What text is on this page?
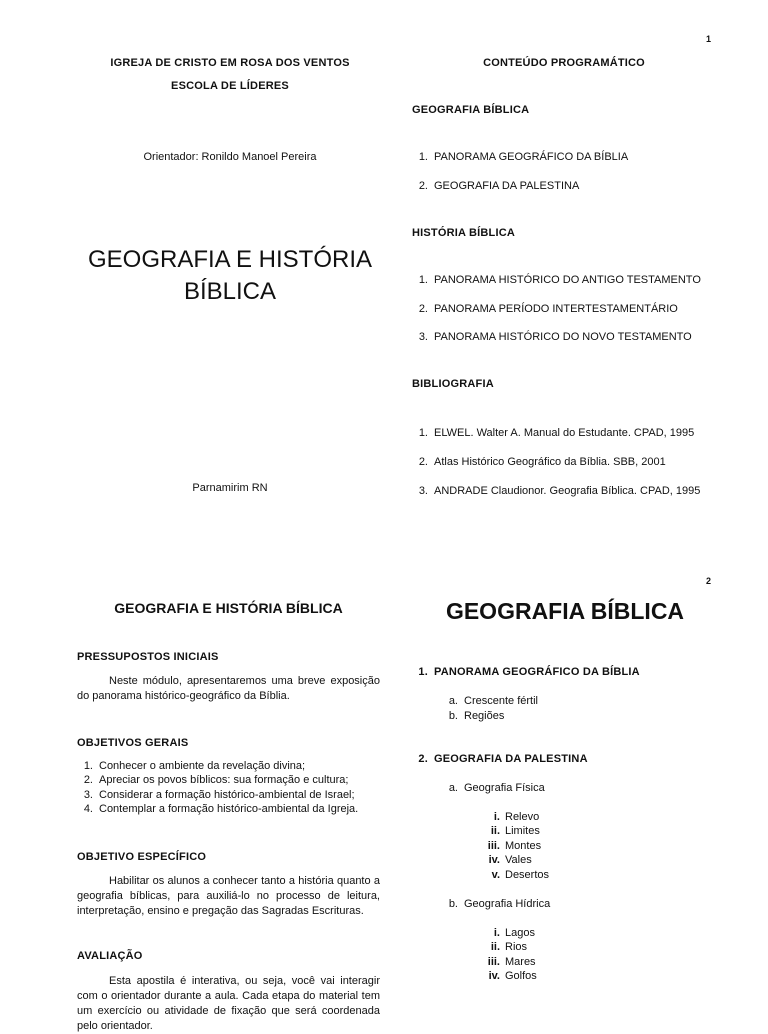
1
IGREJA DE CRISTO EM ROSA DOS VENTOS
ESCOLA DE LÍDERES
Orientador: Ronildo Manoel Pereira
GEOGRAFIA E HISTÓRIA
BÍBLICA
Parnamirim RN
CONTEÚDO PROGRAMÁTICO
GEOGRAFIA BÍBLICA
1. PANORAMA GEOGRÁFICO DA BÍBLIA
2. GEOGRAFIA DA PALESTINA
HISTÓRIA BÍBLICA
1. PANORAMA HISTÓRICO DO ANTIGO TESTAMENTO
2. PANORAMA PERÍODO INTERTESTAMENTÁRIO
3. PANORAMA HISTÓRICO DO NOVO TESTAMENTO
BIBLIOGRAFIA
1. ELWEL. Walter A. Manual do Estudante. CPAD, 1995
2. Atlas Histórico Geográfico da Bíblia. SBB, 2001
3. ANDRADE Claudionor. Geografia Bíblica. CPAD, 1995
2
GEOGRAFIA E HISTÓRIA BÍBLICA
PRESSUPOSTOS INICIAIS
Neste módulo, apresentaremos uma breve exposição do panorama histórico-geográfico da Bíblia.
OBJETIVOS GERAIS
1. Conhecer o ambiente da revelação divina;
2. Apreciar os povos bíblicos: sua formação e cultura;
3. Considerar a formação histórico-ambiental de Israel;
4. Contemplar a formação histórico-ambiental da Igreja.
OBJETIVO ESPECÍFICO
Habilitar os alunos a conhecer tanto a história quanto a geografia bíblicas, para auxiliá-lo no processo de leitura, interpretação, ensino e pregação das Sagradas Escrituras.
AVALIAÇÃO
Esta apostila é interativa, ou seja, você vai interagir com o orientador durante a aula. Cada etapa do material tem um exercício ou atividade de fixação que será coordenada pelo orientador.
GEOGRAFIA BÍBLICA
1. PANORAMA GEOGRÁFICO DA BÍBLIA
a. Crescente fértil
b. Regiões
2. GEOGRAFIA DA PALESTINA
a. Geografia Física
i. Relevo
ii. Limites
iii. Montes
iv. Vales
v. Desertos
b. Geografia Hídrica
i. Lagos
ii. Rios
iii. Mares
iv. Golfos
